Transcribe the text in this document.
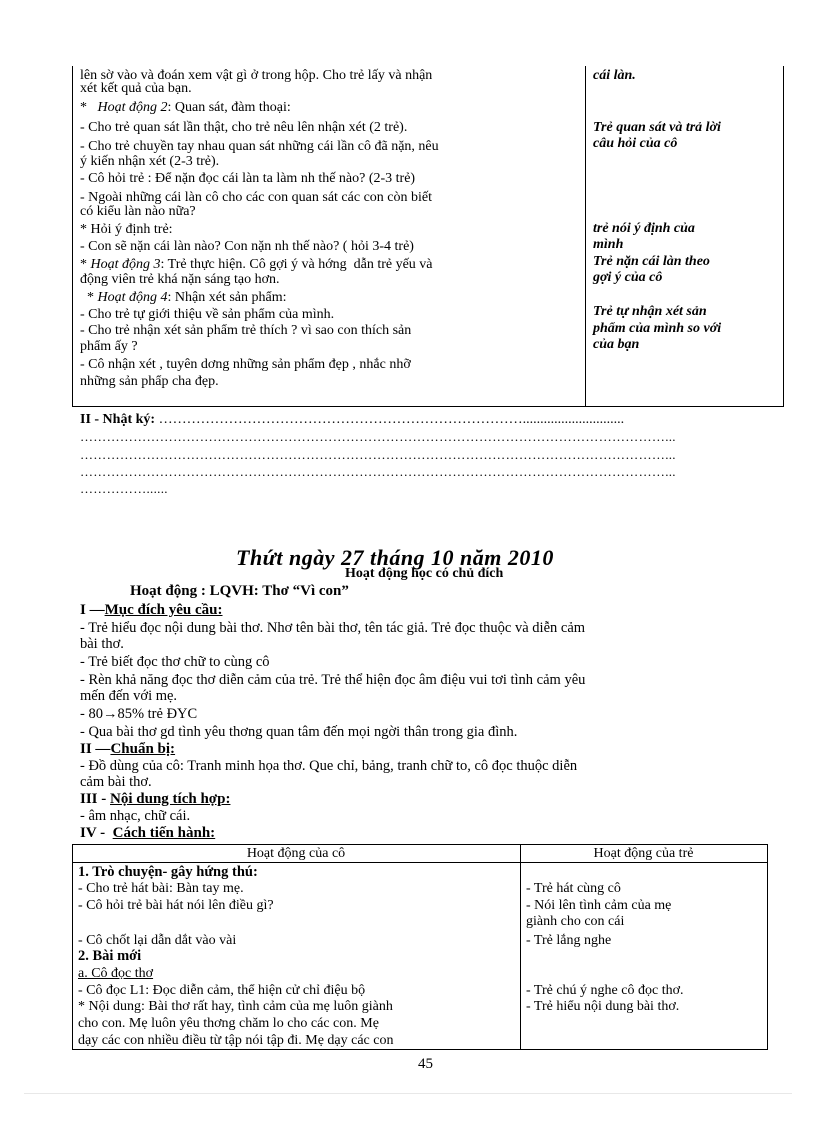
lên sờ vào và đoán xem vật gì ở trong hộp. Cho trẻ lấy và nhận
xét kết quả của bạn.
*   Hoạt động 2: Quan sát, đàm thoại:
- Cho trẻ quan sát lần thật, cho trẻ nêu lên nhận xét (2 trẻ).
- Cho trẻ chuyền tay nhau quan sát những cái lần cô đã nặn, nêu
ý kiến nhận xét (2-3 trẻ).
- Cô hỏi trẻ : Để nặn đọc cái làn ta làm nh thế nào? (2-3 trẻ)
- Ngoài những cái làn cô cho các con quan sát các con còn biết
có kiểu làn nào nữa?
* Hỏi ý định trẻ:
- Con sẽ nặn cái làn nào? Con nặn nh thế nào? ( hỏi 3-4 trẻ)
* Hoạt động 3: Trẻ thực hiện. Cô gợi ý và hớng  dẫn trẻ yếu và
động viên trẻ khá nặn sáng tạo hơn.
* Hoạt động 4: Nhận xét sản phẩm:
- Cho trẻ tự giới thiệu về sản phẩm của mình.
- Cho trẻ nhận xét sản phẩm trẻ thích ? vì sao con thích sản
phẩm ấy ?
- Cô nhận xét , tuyên dơng những sản phẩm đẹp , nhắc nhỡ
những sản phẩp cha đẹp.
cái làn.
Trẻ quan sát và trả lời
câu hỏi của cô
trẻ nói ý định của
mình
Trẻ nặn cái làn theo
gợi ý của cô
Trẻ tự nhận xét sản
phẩm của mình so với
của bạn
II - Nhật ký: …………………………………………………………………….............................
……………………………………………………………………………………………………………………...
……………………………………………………………………………………………………………………...
……………………………………………………………………………………………………………………...
……………......
Thứt ngày 27 tháng 10 năm 2010
Hoạt động học có chủ đích
Hoạt động : LQVH: Thơ “Vì con”
I —Mục đích yêu cầu:
- Trẻ hiểu đọc nội dung bài thơ. Nhơ tên bài thơ, tên tác giả. Trẻ đọc thuộc và diễn cảm
bài thơ.
- Trẻ biết đọc thơ chữ to cùng cô
- Rèn khả năng đọc thơ diễn cảm của trẻ. Trẻ thể hiện đọc âm điệu vui tơi tình cảm yêu
mến đến với mẹ.
- 80→85% trẻ ĐYC
- Qua bài thơ gd tình yêu thơng quan tâm đến mọi ngời thân trong gia đình.
II —Chuẩn bị:
- Đồ dùng của cô: Tranh minh họa thơ. Que chỉ, bảng, tranh chữ to, cô đọc thuộc diễn
cảm bài thơ.
III - Nội dung tích hợp:
- âm nhạc, chữ cái.
IV -  Cách tiến hành:
Hoạt động của cô	Hoạt động của trẻ
1. Trò chuyện- gây hứng thú:
- Cho trẻ hát bài: Bàn tay mẹ.
- Cô hỏi trẻ bài hát nói lên điều gì?
- Cô chốt lại dẫn dắt vào vài
2. Bài mới
a. Cô đọc thơ
- Cô đọc L1: Đọc diễn cảm, thể hiện cử chỉ điệu bộ
* Nội dung: Bài thơ rất hay, tình cảm của mẹ luôn giành
cho con. Mẹ luôn yêu thơng chăm lo cho các con. Mẹ
dạy các con nhiều điều từ tập nói tập đi. Mẹ dạy các con
- Trẻ hát cùng cô
- Nói lên tình cảm của mẹ
giành cho con cái
- Trẻ lắng nghe
- Trẻ chú ý nghe cô đọc thơ.
- Trẻ hiểu nội dung bài thơ.
45
